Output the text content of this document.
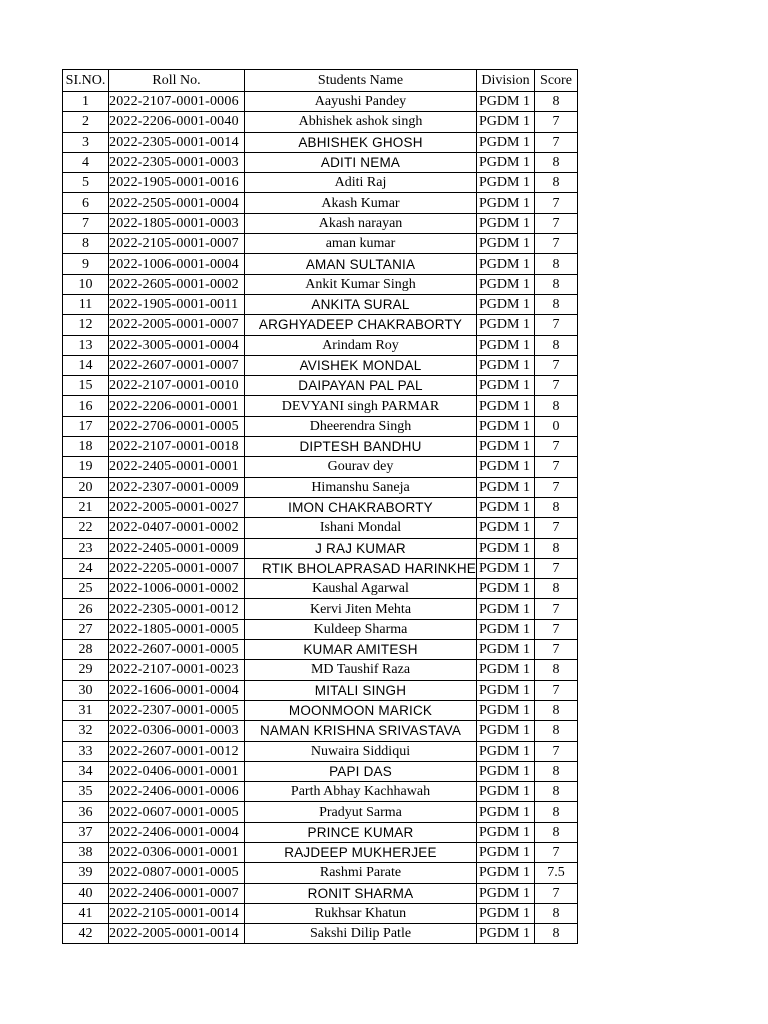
SI.NO.	Roll No.	Students Name	Division	Score
1	2022-2107-0001-0006	Aayushi Pandey	PGDM 1	8
2	2022-2206-0001-0040	Abhishek ashok singh	PGDM 1	7
3	2022-2305-0001-0014	ABHISHEK GHOSH	PGDM 1	7
4	2022-2305-0001-0003	ADITI NEMA	PGDM 1	8
5	2022-1905-0001-0016	Aditi Raj	PGDM 1	8
6	2022-2505-0001-0004	Akash Kumar	PGDM 1	7
7	2022-1805-0001-0003	Akash narayan	PGDM 1	7
8	2022-2105-0001-0007	aman kumar	PGDM 1	7
9	2022-1006-0001-0004	AMAN SULTANIA	PGDM 1	8
10	2022-2605-0001-0002	Ankit Kumar Singh	PGDM 1	8
11	2022-1905-0001-0011	ANKITA SURAL	PGDM 1	8
12	2022-2005-0001-0007	ARGHYADEEP CHAKRABORTY	PGDM 1	7
13	2022-3005-0001-0004	Arindam Roy	PGDM 1	8
14	2022-2607-0001-0007	AVISHEK MONDAL	PGDM 1	7
15	2022-2107-0001-0010	DAIPAYAN PAL PAL	PGDM 1	7
16	2022-2206-0001-0001	DEVYANI singh PARMAR	PGDM 1	8
17	2022-2706-0001-0005	Dheerendra Singh	PGDM 1	0
18	2022-2107-0001-0018	DIPTESH BANDHU	PGDM 1	7
19	2022-2405-0001-0001	Gourav dey	PGDM 1	7
20	2022-2307-0001-0009	Himanshu Saneja	PGDM 1	7
21	2022-2005-0001-0027	IMON CHAKRABORTY	PGDM 1	8
22	2022-0407-0001-0002	Ishani Mondal	PGDM 1	7
23	2022-2405-0001-0009	J RAJ KUMAR	PGDM 1	8
24	2022-2205-0001-0007	RTIK BHOLAPRASAD HARINKHE	PGDM 1	7
25	2022-1006-0001-0002	Kaushal Agarwal	PGDM 1	8
26	2022-2305-0001-0012	Kervi Jiten Mehta	PGDM 1	7
27	2022-1805-0001-0005	Kuldeep Sharma	PGDM 1	7
28	2022-2607-0001-0005	KUMAR AMITESH	PGDM 1	7
29	2022-2107-0001-0023	MD Taushif Raza	PGDM 1	8
30	2022-1606-0001-0004	MITALI SINGH	PGDM 1	7
31	2022-2307-0001-0005	MOONMOON MARICK	PGDM 1	8
32	2022-0306-0001-0003	NAMAN KRISHNA SRIVASTAVA	PGDM 1	8
33	2022-2607-0001-0012	Nuwaira Siddiqui	PGDM 1	7
34	2022-0406-0001-0001	PAPI DAS	PGDM 1	8
35	2022-2406-0001-0006	Parth Abhay Kachhawah	PGDM 1	8
36	2022-0607-0001-0005	Pradyut Sarma	PGDM 1	8
37	2022-2406-0001-0004	PRINCE KUMAR	PGDM 1	8
38	2022-0306-0001-0001	RAJDEEP MUKHERJEE	PGDM 1	7
39	2022-0807-0001-0005	Rashmi Parate	PGDM 1	7.5
40	2022-2406-0001-0007	RONIT SHARMA	PGDM 1	7
41	2022-2105-0001-0014	Rukhsar Khatun	PGDM 1	8
42	2022-2005-0001-0014	Sakshi Dilip Patle	PGDM 1	8
